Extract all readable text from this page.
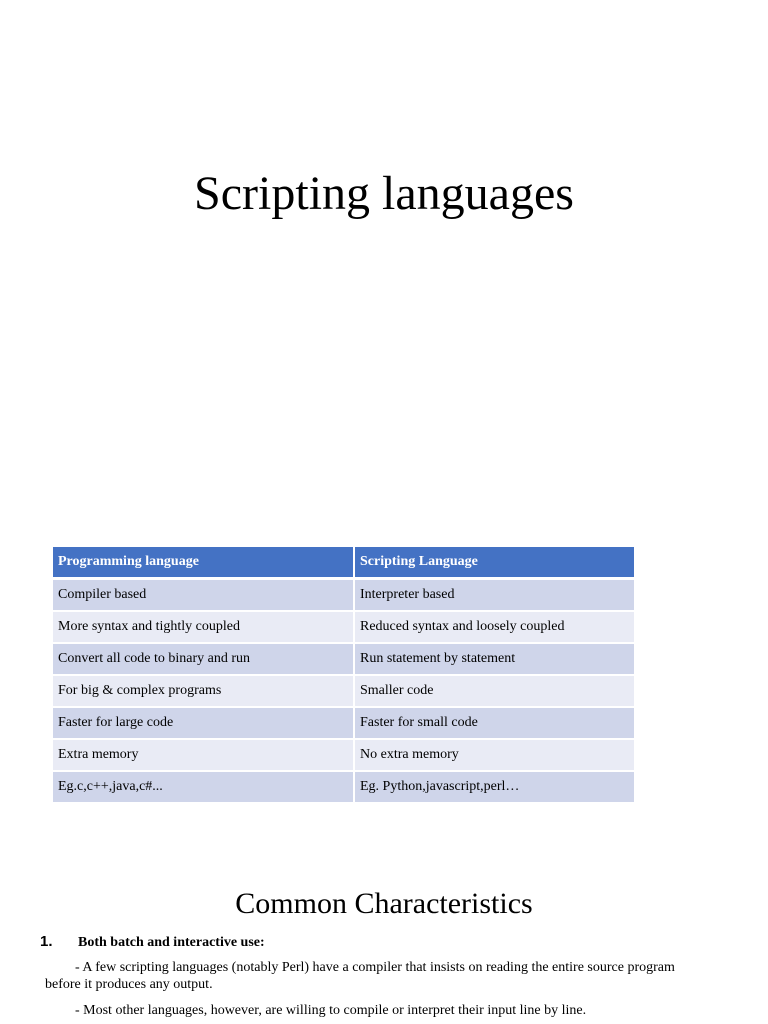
Scripting languages
Programming language	Scripting Language
Compiler based	Interpreter based
More syntax and tightly coupled	Reduced syntax and loosely coupled
Convert all code to binary and run	Run statement by statement
For big & complex programs	Smaller code
Faster for large code	Faster for small code
Extra memory	No extra memory
Eg.c,c++,java,c#...	Eg. Python,javascript,perl…
Common Characteristics
1. Both batch and interactive use:

- A few scripting languages (notably Perl) have a compiler that insists on reading the entire source program before it produces any output.

- Most other languages, however, are willing to compile or interpret their input line by line.
